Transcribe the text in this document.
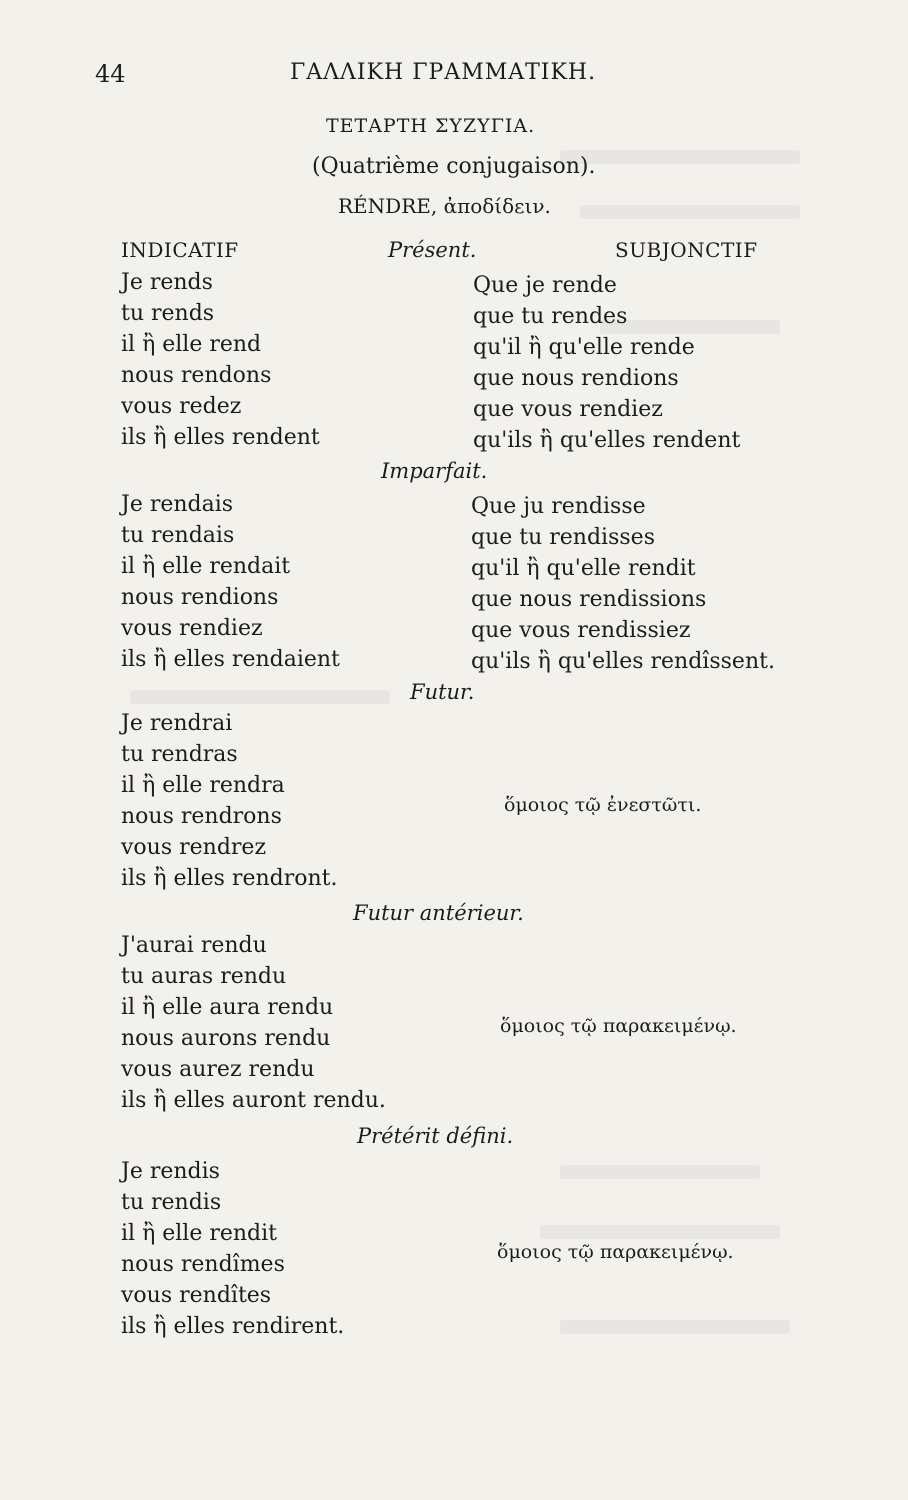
44	ΓΑΛΛΙΚΗ ΓΡΑΜΜΑΤΙΚΗ.
ΤΕΤΑΡΤΗ ΣΥΖΥΓΙΑ.
(Quatrième conjugaison).
RÉNDRE, ἀποδίδειν.
INDICATIF	SUBJONCTIF
Présent.
Je rends
tu rends
il ἢ elle rend
nous rendons
vous redez
ils ἢ elles rendent
Que je rende
que tu rendes
qu'il ἢ qu'elle rende
que nous rendions
que vous rendiez
qu'ils ἢ qu'elles rendent
Imparfait.
Je rendais
tu rendais
il ἢ elle rendait
nous rendions
vous rendiez
ils ἢ elles rendaient
Que ju rendisse
que tu rendisses
qu'il ἢ qu'elle rendit
que nous rendissions
que vous rendissiez
qu'ils ἢ qu'elles rendîssent.
Futur.
Je rendrai
tu rendras
il ἢ elle rendra
nous rendrons
vous rendrez
ils ἢ elles rendront.
ὅμοιος τῷ ἐνεστῶτι.
Futur antérieur.
J'aurai rendu
tu auras rendu
il ἢ elle aura rendu
nous aurons rendu
vous aurez rendu
ils ἢ elles auront rendu.
ὅμοιος τῷ παρακειμένῳ.
Prétérit défini.
Je rendis
tu rendis
il ἢ elle rendit
nous rendîmes
vous rendîtes
ils ἢ elles rendirent.
ὅμοιος τῷ παρακειμένῳ.
